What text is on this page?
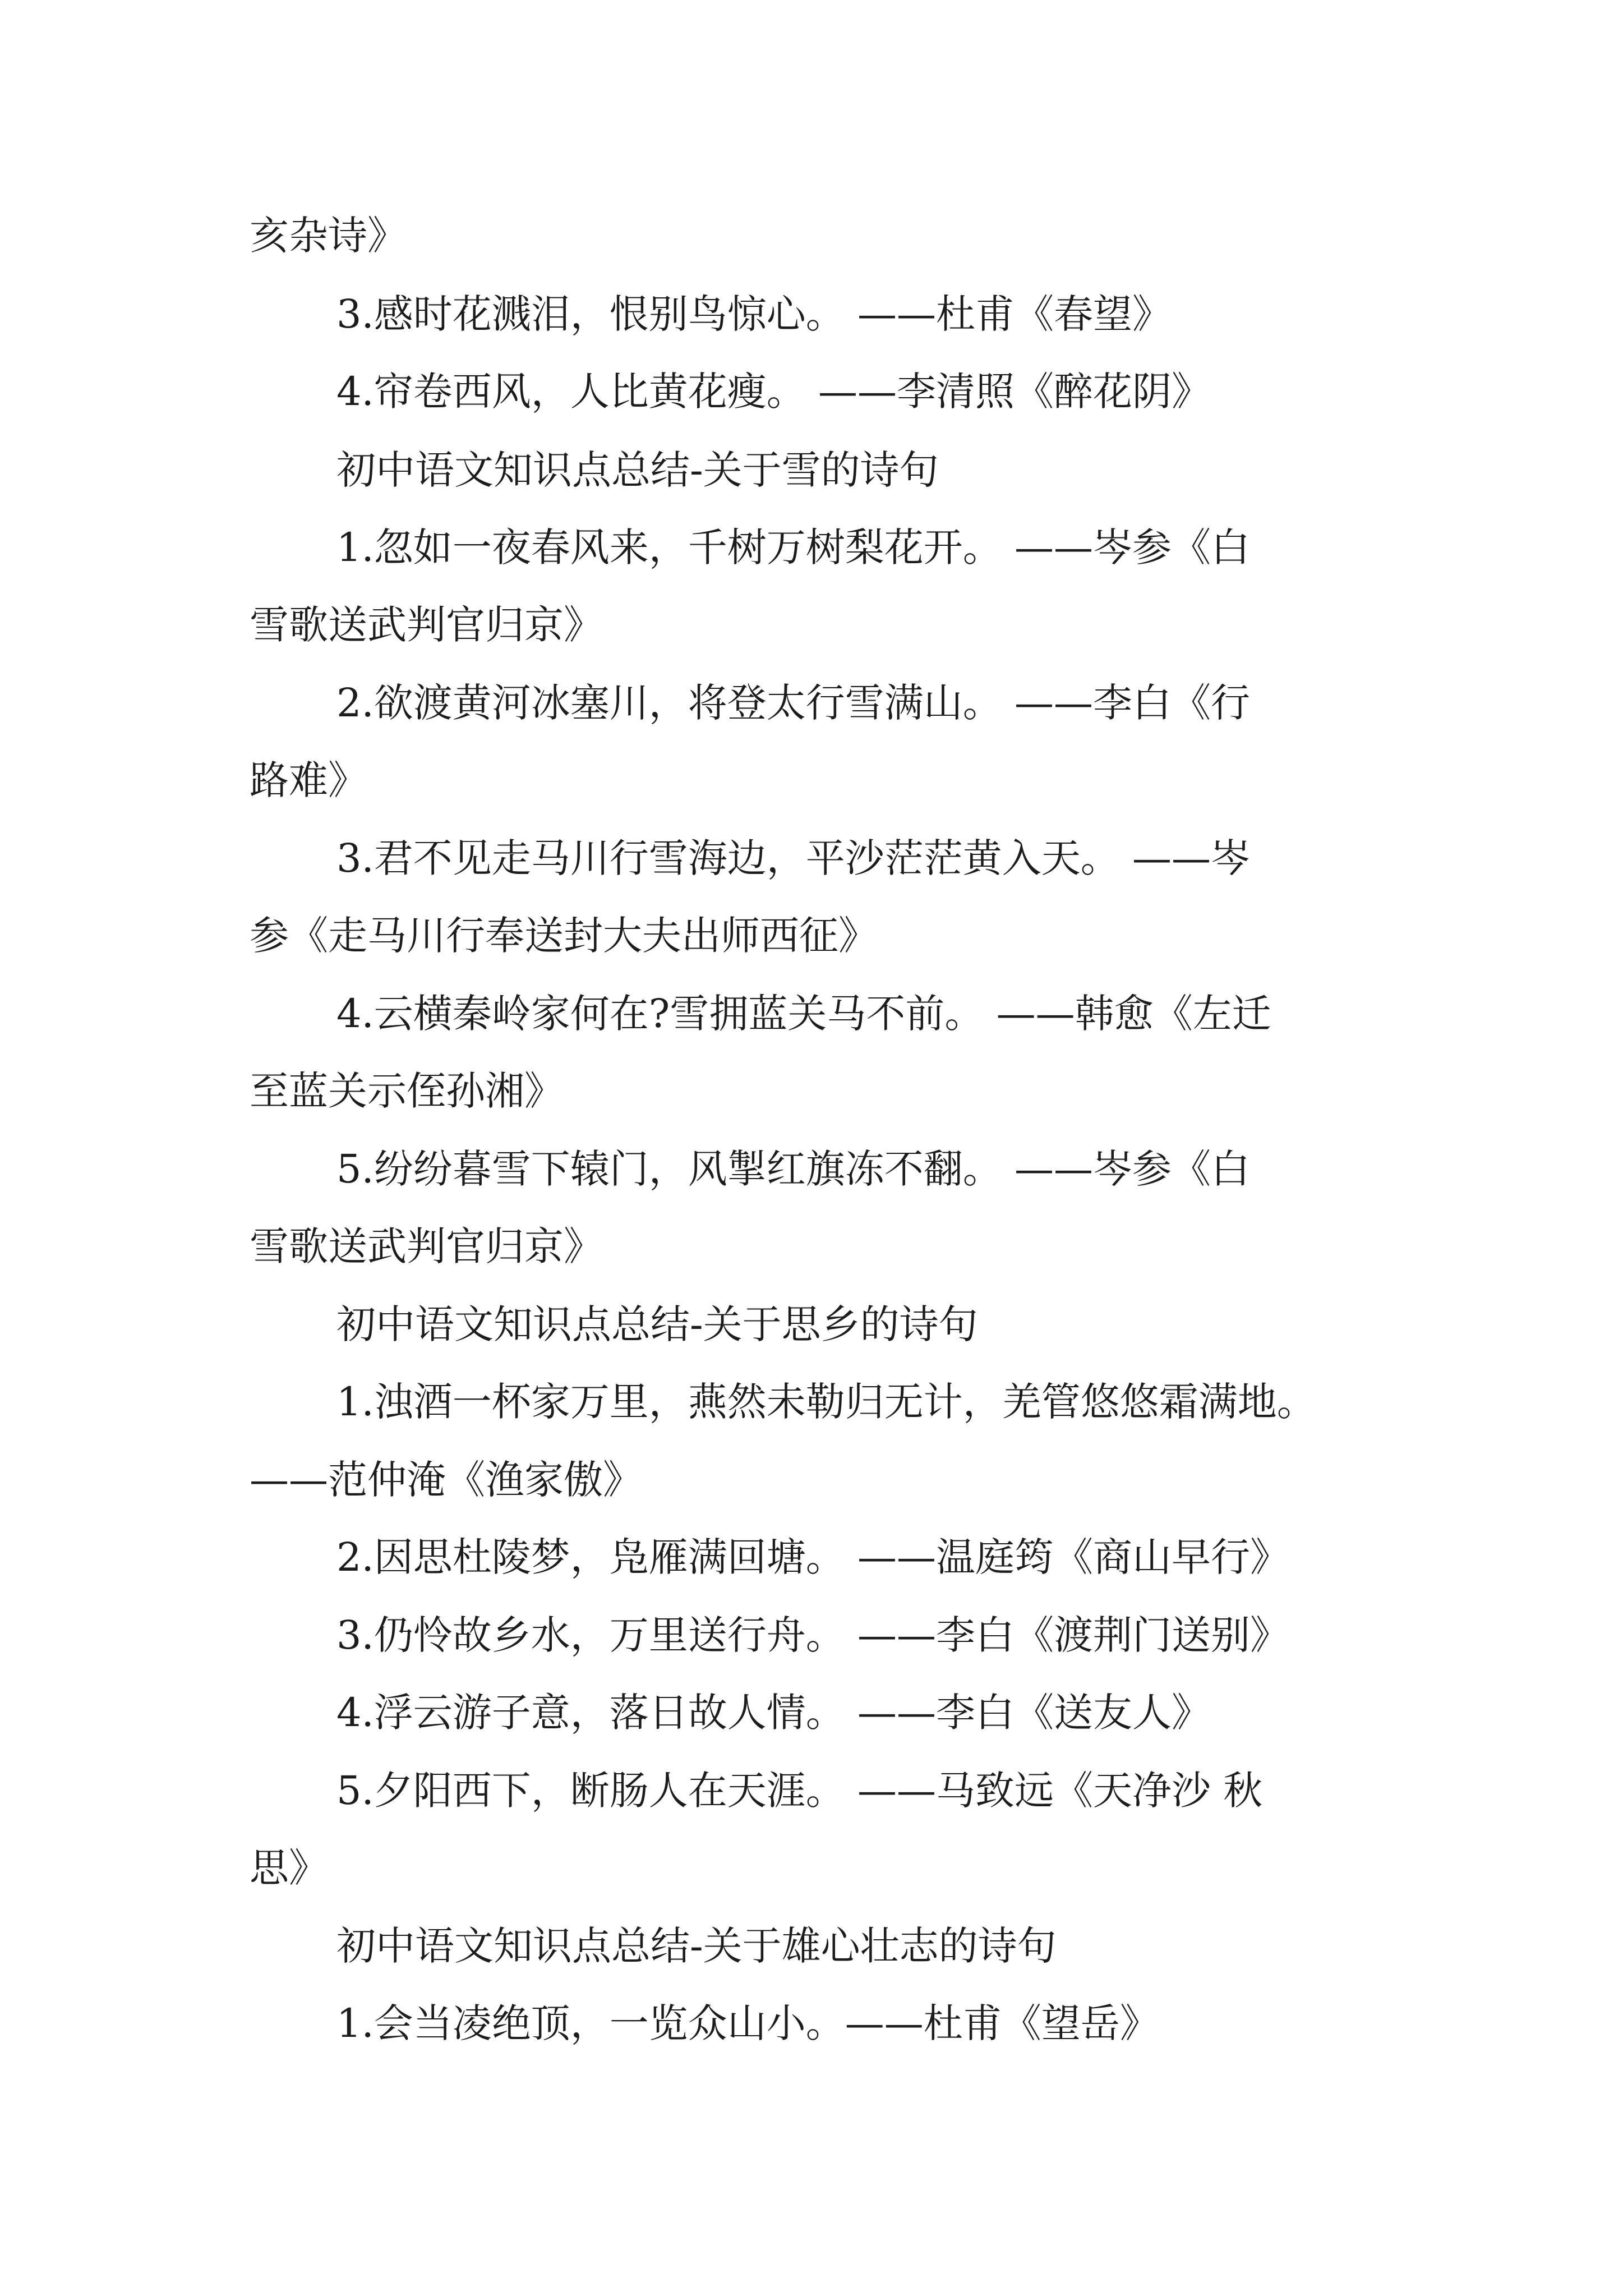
亥杂诗》
3.感时花溅泪，恨别鸟惊心。 ——杜甫《春望》
4.帘卷西风，人比黄花瘦。 ——李清照《醉花阴》
初中语文知识点总结-关于雪的诗句
1.忽如一夜春风来，千树万树梨花开。 ——岑参《白
雪歌送武判官归京》
2.欲渡黄河冰塞川，将登太行雪满山。 ——李白《行
路难》
3.君不见走马川行雪海边，平沙茫茫黄入天。 ——岑
参《走马川行奉送封大夫出师西征》
4.云横秦岭家何在?雪拥蓝关马不前。 ——韩愈《左迁
至蓝关示侄孙湘》
5.纷纷暮雪下辕门，风掣红旗冻不翻。 ——岑参《白
雪歌送武判官归京》
初中语文知识点总结-关于思乡的诗句
1.浊酒一杯家万里，燕然未勒归无计，羌管悠悠霜满地。
——范仲淹《渔家傲》
2.因思杜陵梦，凫雁满回塘。 ——温庭筠《商山早行》
3.仍怜故乡水，万里送行舟。 ——李白《渡荆门送别》
4.浮云游子意，落日故人情。 ——李白《送友人》
5.夕阳西下，断肠人在天涯。 ——马致远《天净沙 秋
思》
初中语文知识点总结-关于雄心壮志的诗句
1.会当凌绝顶，一览众山小。——杜甫《望岳》
